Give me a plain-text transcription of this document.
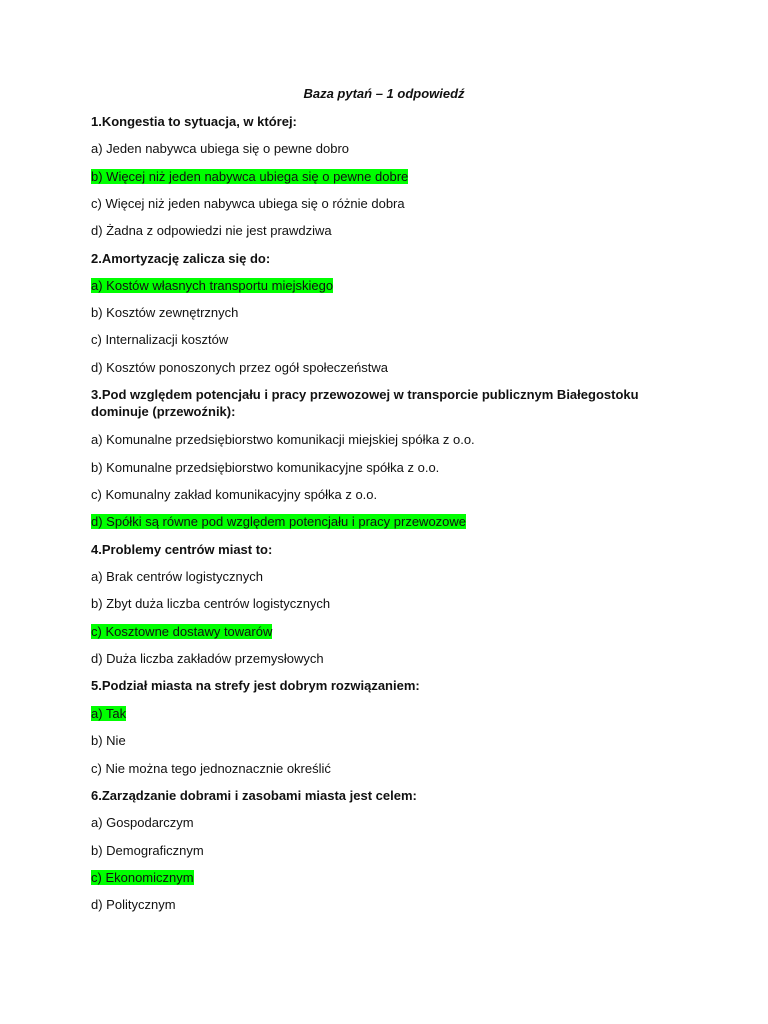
Baza pytań – 1 odpowiedź
1.Kongestia to sytuacja, w której:
a) Jeden nabywca ubiega się o pewne dobro
b) Więcej niż jeden nabywca ubiega się o pewne dobre
c) Więcej niż jeden nabywca ubiega się o różnie dobra
d) Żadna z odpowiedzi nie jest prawdziwa
2.Amortyzację zalicza się do:
a) Kostów własnych transportu miejskiego
b) Kosztów zewnętrznych
c) Internalizacji kosztów
d) Kosztów ponoszonych przez ogół społeczeństwa
3.Pod względem potencjału i pracy przewozowej w transporcie publicznym Białegostoku dominuje (przewoźnik):
a) Komunalne przedsiębiorstwo komunikacji miejskiej spółka z o.o.
b) Komunalne przedsiębiorstwo komunikacyjne spółka z o.o.
c) Komunalny zakład komunikacyjny spółka z o.o.
d) Spółki są równe pod względem potencjału i pracy przewozowe
4.Problemy centrów miast to:
a) Brak centrów logistycznych
b) Zbyt duża liczba centrów logistycznych
c) Kosztowne dostawy towarów
d) Duża liczba zakładów przemysłowych
5.Podział miasta na strefy jest dobrym rozwiązaniem:
a) Tak
b) Nie
c) Nie można tego jednoznacznie określić
6.Zarządzanie dobrami i zasobami miasta jest celem:
a) Gospodarczym
b) Demograficznym
c) Ekonomicznym
d) Politycznym
